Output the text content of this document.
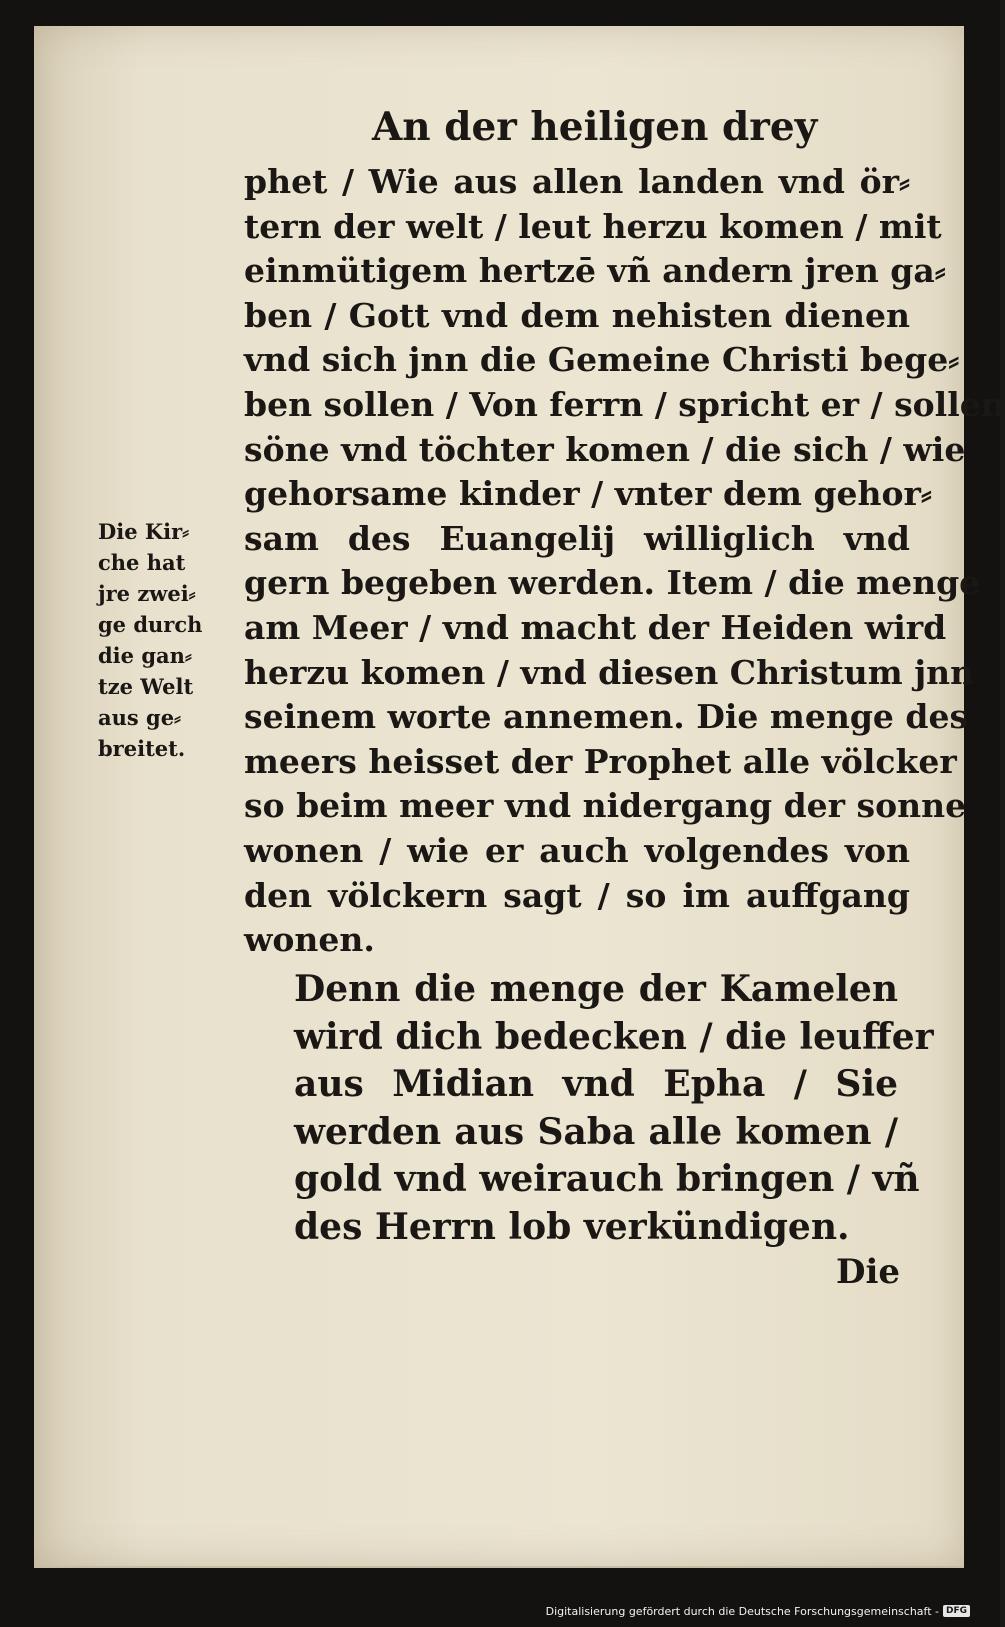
An der heiligen drey
phet / Wie aus allen landen vnd ör⸗
tern der welt / leut herzu komen / mit
einmütigem hertzē vñ andern jren ga⸗
ben / Gott vnd dem nehisten dienen
vnd sich jnn die Gemeine Christi bege⸗
ben sollen / Von ferrn / spricht er / sollen
söne vnd töchter komen / die sich / wie
gehorsame kinder / vnter dem gehor⸗
sam des Euangelij williglich vnd
gern begeben werden. Item / die menge
am Meer / vnd macht der Heiden wird
herzu komen / vnd diesen Christum jnn
seinem worte annemen. Die menge des
meers heisset der Prophet alle völcker
so beim meer vnd nidergang der sonne
wonen / wie er auch volgendes von
den völckern sagt / so im auffgang
wonen.
Die Kir⸗
che hat
jre zwei⸗
ge durch
die gan⸗
tze Welt
aus ge⸗
breitet.
Denn die menge der Kamelen
wird dich bedecken / die leuffer
aus Midian vnd Epha / Sie
werden aus Saba alle komen /
gold vnd weirauch bringen / vñ
des Herrn lob verkündigen.
Die
Digitalisierung gefördert durch die Deutsche Forschungsgemeinschaft - DFG
